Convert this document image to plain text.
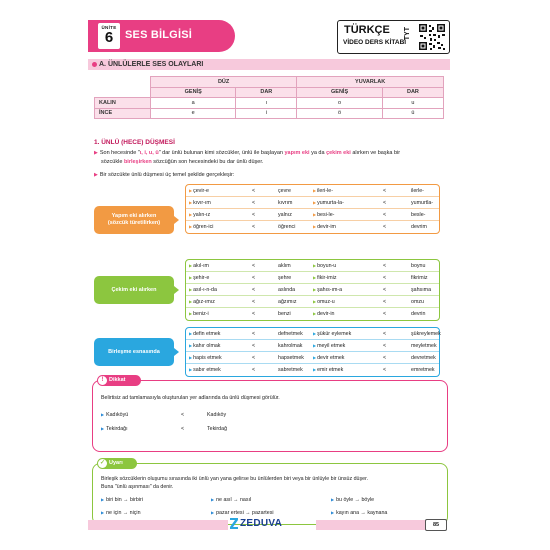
ÜNİTE
6	SES BİLGİSİ	TÜRKÇE
VİDEO DERS KİTABI
TYT
A. ÜNLÜLERLE SES OLAYLARI
	DÜZ		YUVARLAK	
	GENİŞ	DAR	GENİŞ	DAR
KALIN	a	ı	o	u
İNCE	e	i	ö	ü
1. ÜNLÜ (HECE) DÜŞMESİ
▶ Son hecesinde "ı, i, u, ü" dar ünlü bulunan kimi sözcükler, ünlü ile başlayan yapım eki ya da çekim eki alırken ve başka bir
sözcükle birleşirken sözcüğün son hecesindeki bu dar ünlü düşer.
▶ Bir sözcükte ünlü düşmesi üç temel şekilde gerçekleşir:
Yapım eki alırken
(sözcük türetilirken)
▶çevir-e	<	çevre	▶ileri-le-	<	ilerle-
▶kıvır-ım	<	kıvrım	▶yumurta-la-	<	yumurtla-
▶yalın-ız	<	yalnız	▶besi-le-	<	besle-
▶öğren-ici	<	öğrenci	▶devir-im	<	devrim
Çekim eki alırken
▶akıl-ım	<	aklım	▶boyun-u	<	boynu
▶şehir-e	<	şehre	▶fikir-imiz	<	fikrimiz
▶asıl-ı-n-da	<	aslında	▶şahıs-ım-a	<	şahsıma
▶ağız-ımız	<	ağzımız	▶omuz-u	<	omzu
▶beniz-i	<	benzi	▶devir-in	<	devrin
Birleşme esnasında
▶defin etmek	<	defnetmek	▶şükür eylemek	<	şükreylemek
▶kahır olmak	<	kahrolmak	▶meyil etmek	<	meyletmek
▶hapis etmek	<	hapsetmek ▶devir etmek	<	devretmek
▶sabır etmek	<	sabretmek	▶emir etmek	<	emretmek
!	Dikkat
Belirtisiz ad tamlamasıyla oluşturulan yer adlarında da ünlü düşmesi görülür.
▶ Kadıköyü	<	Kadıköy
▶ Tekirdağı	<	Tekirdağ
✓ Uyarı
Birleşik sözcüklerin oluşumu sırasında iki ünlü yan yana gelirse bu ünlülerden biri veya bir ünlüyle bir ünsüz düşer.
Buna "ünlü aşınması" da denir.
▶ biri bin → birbiri	▶ ne asıl → nasıl	▶ bu öyle → böyle
▶ ne için → niçin	▶ pazar ertesi → pazartesi	▶ kayın ana → kaynana
ZEDUVA	85
